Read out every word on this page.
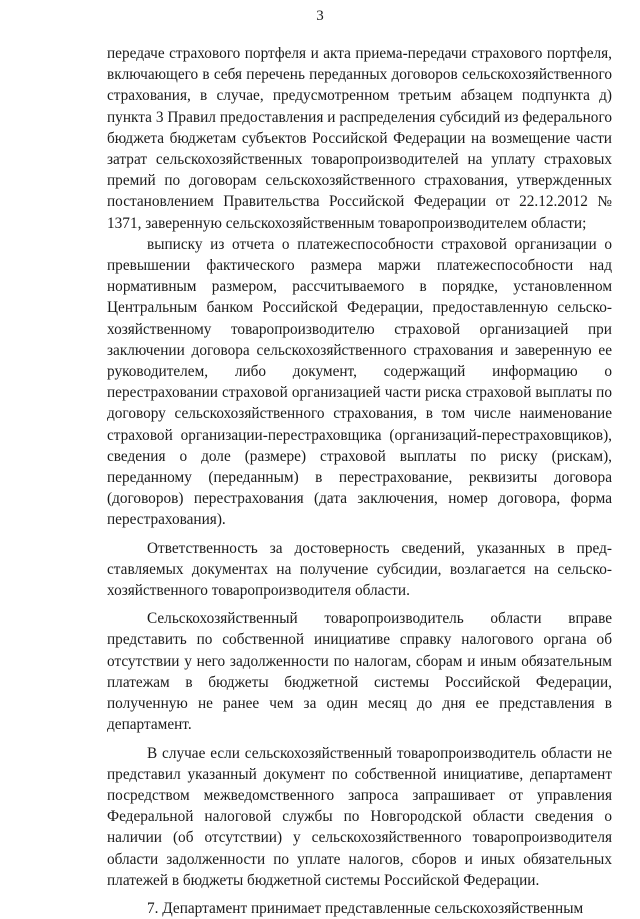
3

передаче страхового портфеля и акта приема-передачи страхового портфеля, включающего в себя перечень переданных договоров сельскохозяйственного страхования, в случае, предусмотренном третьим абзацем подпункта д) пункта 3 Правил предоставления и распределения субсидий из федерального бюджета бюджетам субъектов Российской Федерации на возмещение части затрат сельскохозяйственных товаропроизводителей на уплату страховых премий по договорам сельскохозяйственного страхования, утвержденных постановлением Правительства Российской Федерации от 22.12.2012 № 1371, заверенную сельскохозяйственным товаропроизводителем области;

выписку из отчета о платежеспособности страховой организации о превышении фактического размера маржи платежеспособности над нормативным размером, рассчитываемого в порядке, установленном Центральным банком Российской Федерации, предоставленную сельскохозяйственному товаропроизводителю страховой организацией при заключении договора сельскохозяйственного страхования и заверенную ее руководителем, либо документ, содержащий информацию о перестраховании страховой организацией части риска страховой выплаты по договору сельскохозяйственного страхования, в том числе наименование страховой организации-перестраховщика (организаций-перестраховщиков), сведения о доле (размере) страховой выплаты по риску (рискам), переданному (переданным) в перестрахование, реквизиты договора (договоров) перестрахования (дата заключения, номер договора, форма перестрахования).

Ответственность за достоверность сведений, указанных в представляемых документах на получение субсидии, возлагается на сельскохозяйственного товаропроизводителя области.

Сельскохозяйственный товаропроизводитель области вправе представить по собственной инициативе справку налогового органа об отсутствии у него задолженности по налогам, сборам и иным обязательным платежам в бюджеты бюджетной системы Российской Федерации, полученную не ранее чем за один месяц до дня ее представления в департамент.

В случае если сельскохозяйственный товаропроизводитель области не представил указанный документ по собственной инициативе, департамент посредством межведомственного запроса запрашивает от управления Федеральной налоговой службы по Новгородской области сведения о наличии (об отсутствии) у сельскохозяйственного товаропроизводителя области задолженности по уплате налогов, сборов и иных обязательных платежей в бюджеты бюджетной системы Российской Федерации.

7. Департамент принимает представленные сельскохозяйственным
